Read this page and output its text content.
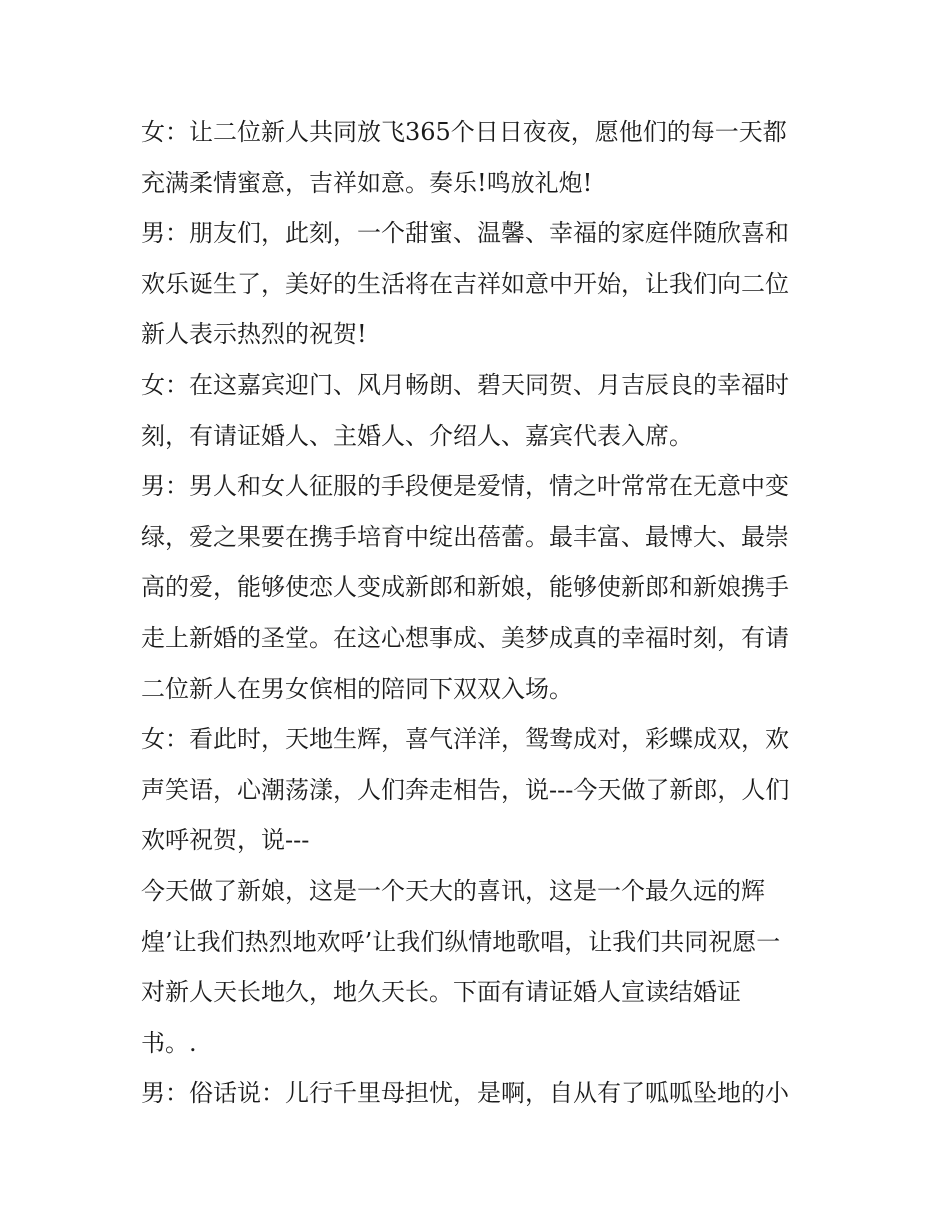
女：让二位新人共同放飞365个日日夜夜，愿他们的每一天都
充满柔情蜜意，吉祥如意。奏乐!鸣放礼炮!
男：朋友们，此刻，一个甜蜜、温馨、幸福的家庭伴随欣喜和
欢乐诞生了，美好的生活将在吉祥如意中开始，让我们向二位
新人表示热烈的祝贺!
女：在这嘉宾迎门、风月畅朗、碧天同贺、月吉辰良的幸福时
刻，有请证婚人、主婚人、介绍人、嘉宾代表入席。
男：男人和女人征服的手段便是爱情，情之叶常常在无意中变
绿，爱之果要在携手培育中绽出蓓蕾。最丰富、最博大、最崇
高的爱，能够使恋人变成新郎和新娘，能够使新郎和新娘携手
走上新婚的圣堂。在这心想事成、美梦成真的幸福时刻，有请
二位新人在男女傧相的陪同下双双入场。
女：看此时，天地生辉，喜气洋洋，鸳鸯成对，彩蝶成双，欢
声笑语，心潮荡漾，人们奔走相告，说---今天做了新郎，人们
欢呼祝贺，说---
今天做了新娘，这是一个天大的喜讯，这是一个最久远的辉
煌’让我们热烈地欢呼’让我们纵情地歌唱，让我们共同祝愿一
对新人天长地久，地久天长。下面有请证婚人宣读结婚证
书。.
男：俗话说：儿行千里母担忧，是啊，自从有了呱呱坠地的小
